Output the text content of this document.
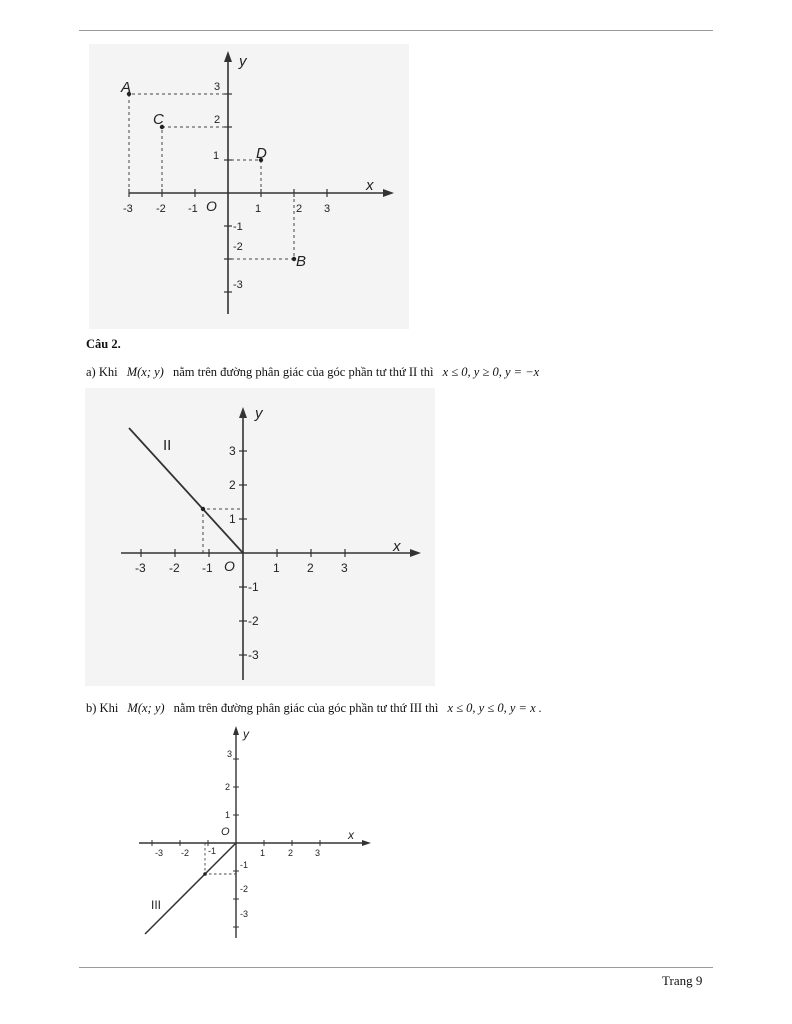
x
y
O
-3 -2 -1	1	2 3
3
2
1
-1
-2
-3
A
C
D
B
Câu 2.
a) Khi M(x; y) nằm trên đường phân giác của góc phần tư thứ II thì x ≤ 0, y ≥ 0, y = −x
x
y
O
-3 -2 -1	1 2 3
3
2
1
-1
-2
-3
II
b) Khi M(x; y) nằm trên đường phân giác của góc phần tư thứ III thì x ≤ 0, y ≤ 0, y = x .
x
y
O
-3 -2 -1	1	2 3
3
2
1
-1
-2
-3
III
Trang 9
